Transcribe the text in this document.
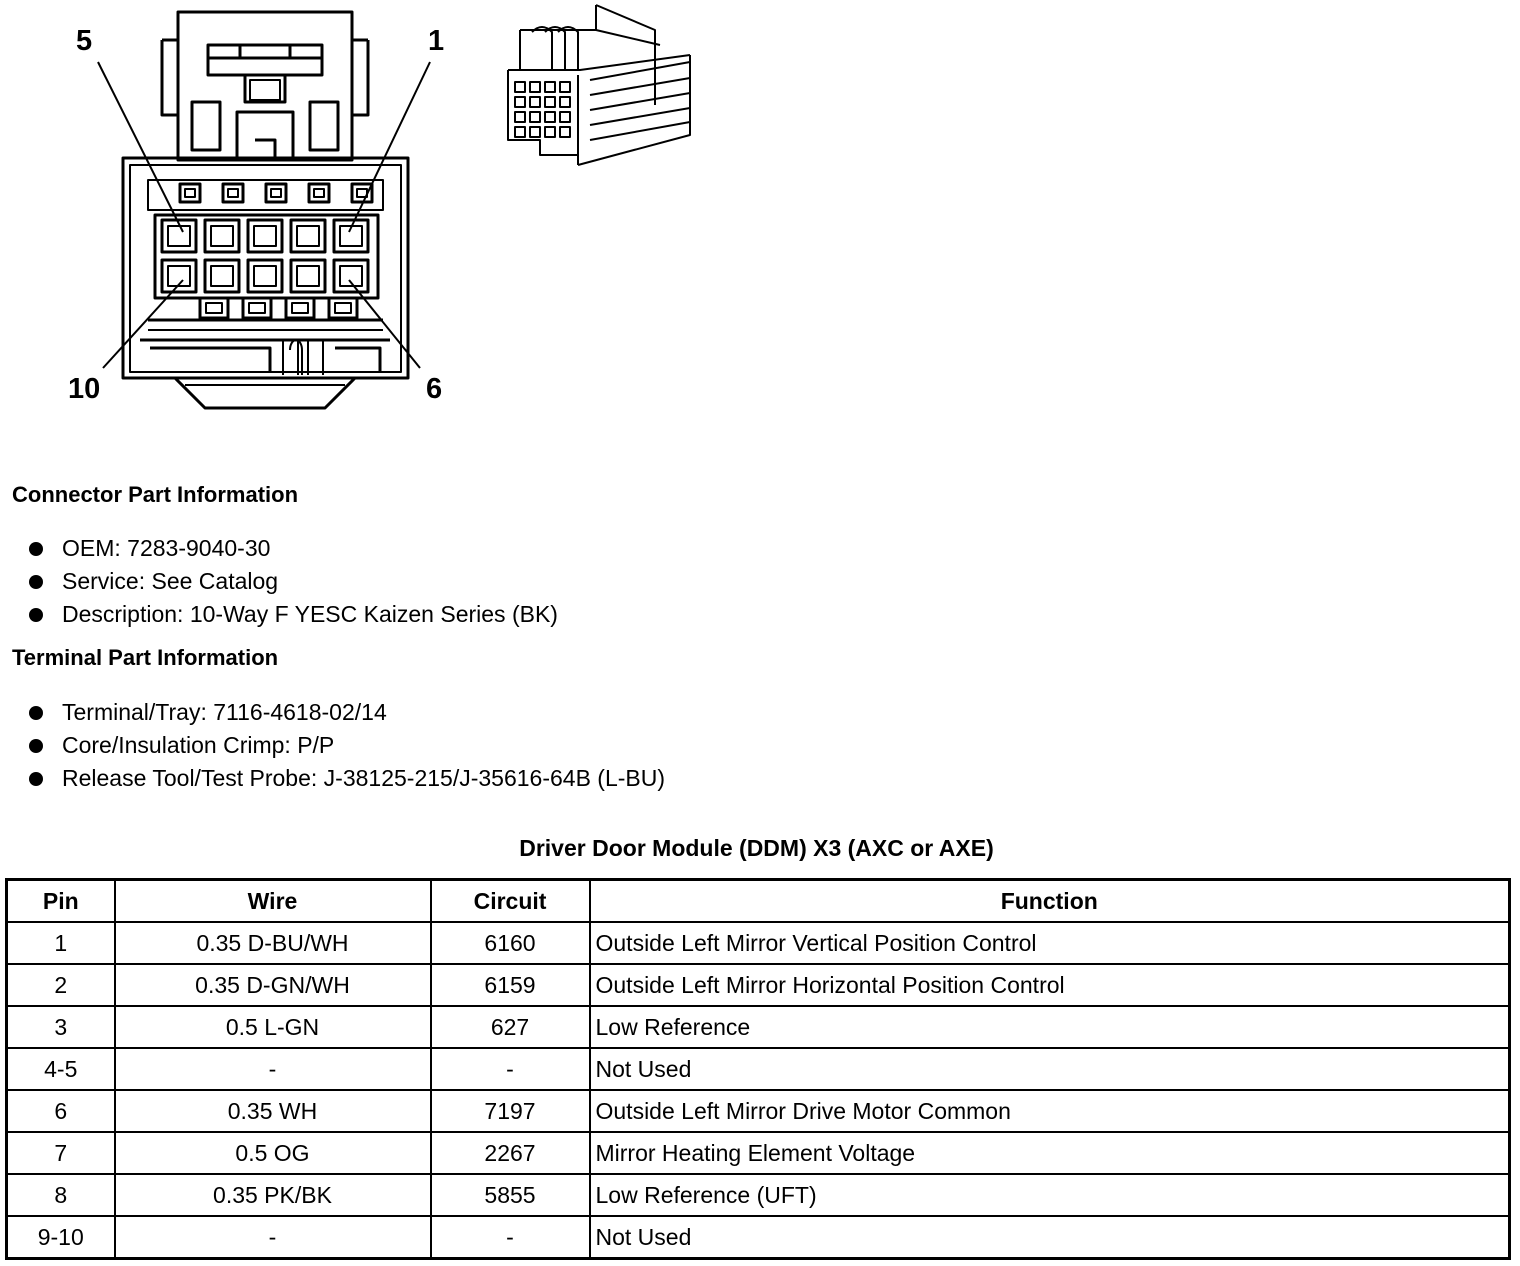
5	1
10	6
Connector Part Information
OEM: 7283-9040-30
Service: See Catalog
Description: 10-Way F YESC Kaizen Series (BK)
Terminal Part Information
Terminal/Tray: 7116-4618-02/14
Core/Insulation Crimp: P/P
Release Tool/Test Probe: J-38125-215/J-35616-64B (L-BU)
Driver Door Module (DDM) X3 (AXC or AXE)
Pin	Wire	Circuit	Function
1	0.35 D-BU/WH	6160	Outside Left Mirror Vertical Position Control
2	0.35 D-GN/WH	6159	Outside Left Mirror Horizontal Position Control
3	0.5 L-GN	627	Low Reference
4-5	-	-	Not Used
6	0.35 WH	7197	Outside Left Mirror Drive Motor Common
7	0.5 OG	2267	Mirror Heating Element Voltage
8	0.35 PK/BK	5855	Low Reference (UFT)
9-10	-	-	Not Used
